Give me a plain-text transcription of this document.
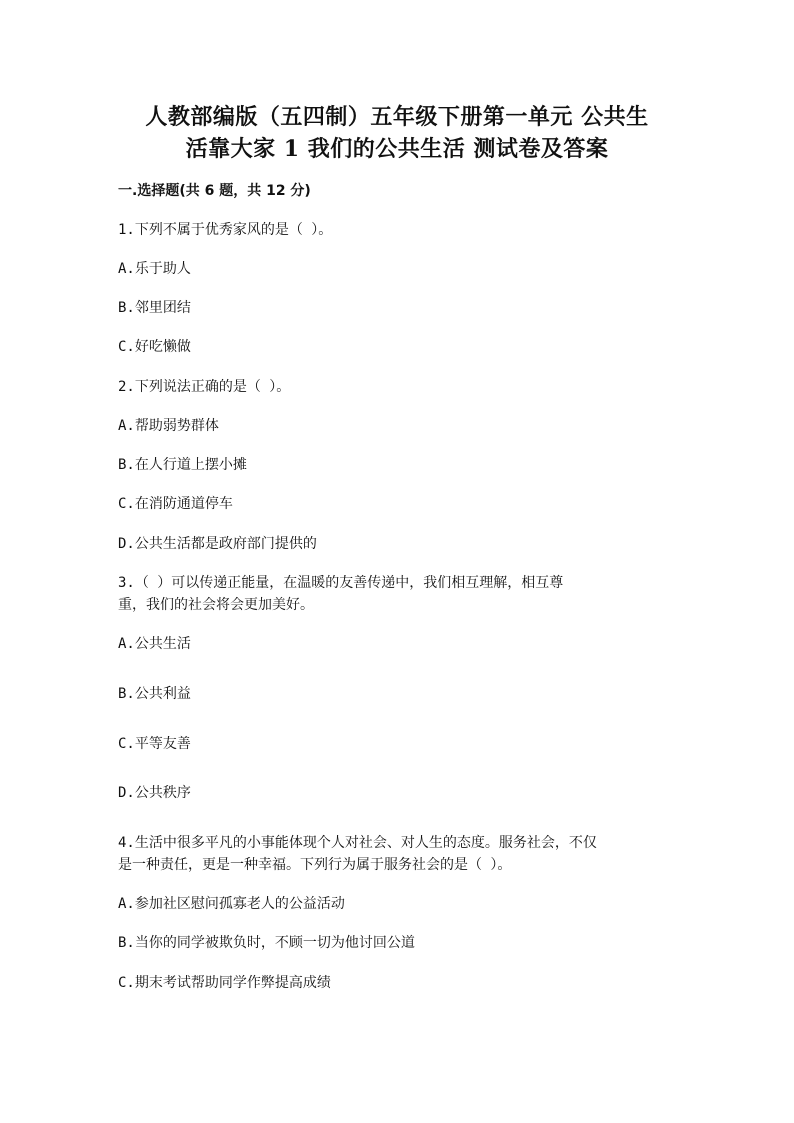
人教部编版（五四制）五年级下册第一单元 公共生
活靠大家 1 我们的公共生活 测试卷及答案
一.选择题(共 6 题，共 12 分)
1.下列不属于优秀家风的是（ ）。
A.乐于助人
B.邻里团结
C.好吃懒做
2.下列说法正确的是（ ）。
A.帮助弱势群体
B.在人行道上摆小摊
C.在消防通道停车
D.公共生活都是政府部门提供的
3.（ ）可以传递正能量，在温暖的友善传递中，我们相互理解，相互尊
重，我们的社会将会更加美好。
A.公共生活
B.公共利益
C.平等友善
D.公共秩序
4.生活中很多平凡的小事能体现个人对社会、对人生的态度。服务社会，不仅
是一种责任，更是一种幸福。下列行为属于服务社会的是（ ）。
A.参加社区慰问孤寡老人的公益活动
B.当你的同学被欺负时，不顾一切为他讨回公道
C.期末考试帮助同学作弊提高成绩
